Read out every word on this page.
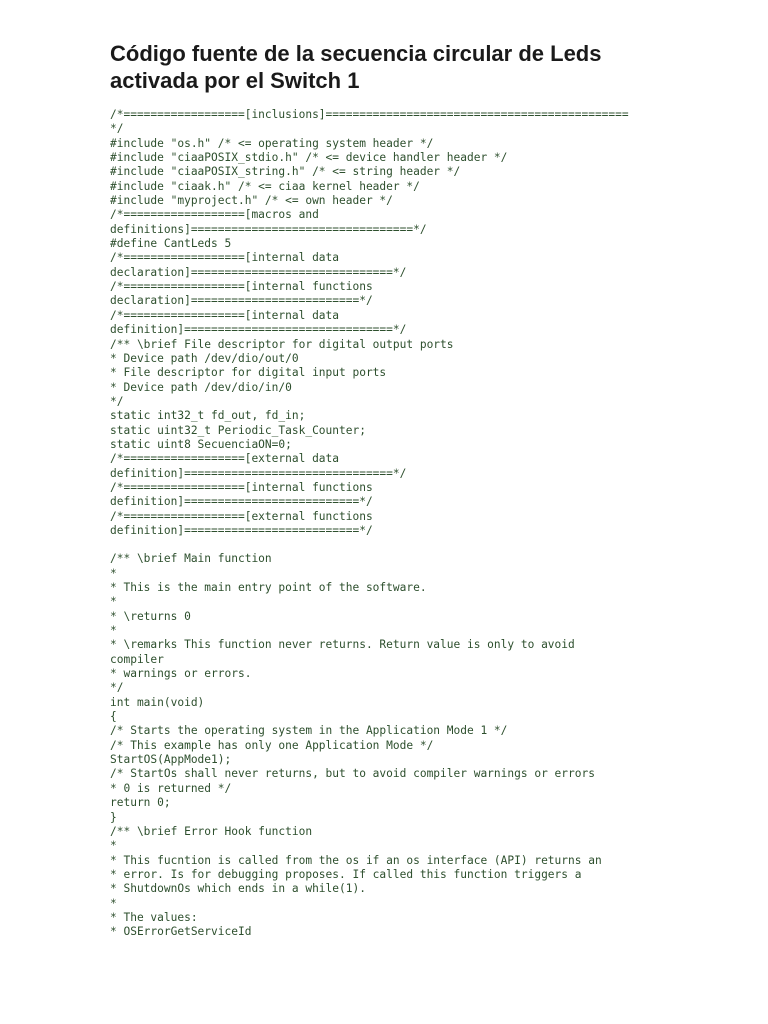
Código fuente de la secuencia circular de Leds
activada por el Switch 1
/*==================[inclusions]=============================================
*/
#include "os.h" /* <= operating system header */
#include "ciaaPOSIX_stdio.h" /* <= device handler header */
#include "ciaaPOSIX_string.h" /* <= string header */
#include "ciaak.h" /* <= ciaa kernel header */
#include "myproject.h" /* <= own header */
/*==================[macros and
definitions]=================================*/
#define CantLeds 5
/*==================[internal data
declaration]==============================*/
/*==================[internal functions
declaration]=========================*/
/*==================[internal data
definition]===============================*/
/** \brief File descriptor for digital output ports
* Device path /dev/dio/out/0
* File descriptor for digital input ports
* Device path /dev/dio/in/0
*/
static int32_t fd_out, fd_in;
static uint32_t Periodic_Task_Counter;
static uint8 SecuenciaON=0;
/*==================[external data
definition]===============================*/
/*==================[internal functions
definition]==========================*/
/*==================[external functions
definition]==========================*/
/** \brief Main function
*
* This is the main entry point of the software.
*
* \returns 0
*
* \remarks This function never returns. Return value is only to avoid
compiler
* warnings or errors.
*/
int main(void)
{
/* Starts the operating system in the Application Mode 1 */
/* This example has only one Application Mode */
StartOS(AppMode1);
/* StartOs shall never returns, but to avoid compiler warnings or errors
* 0 is returned */
return 0;
}
/** \brief Error Hook function
*
* This fucntion is called from the os if an os interface (API) returns an
* error. Is for debugging proposes. If called this function triggers a
* ShutdownOs which ends in a while(1).
*
* The values:
* OSErrorGetServiceId
